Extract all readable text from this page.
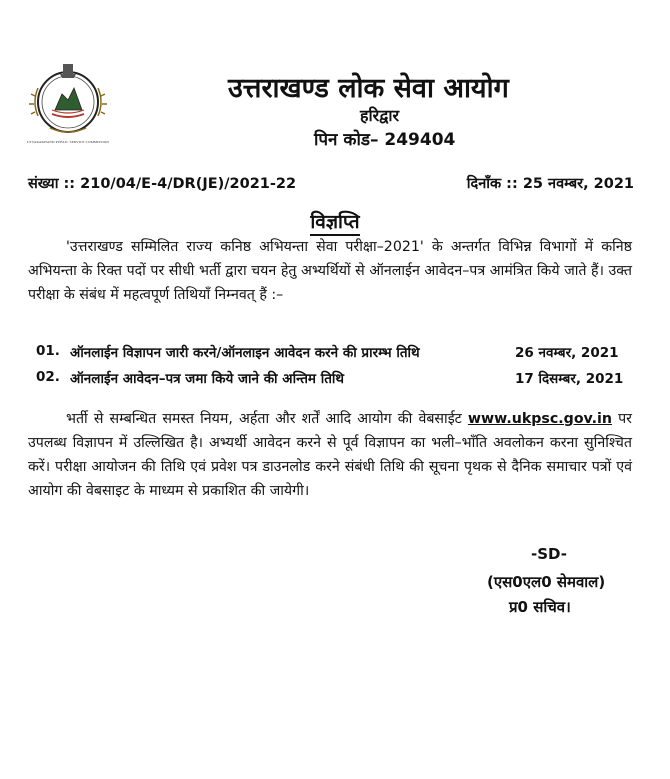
UTTARAKHAND PUBLIC SERVICE COMMISSION
उत्तराखण्ड लोक सेवा आयोग
हरिद्वार
पिन कोड– 249404
संख्या :: 210/04/E-4/DR(JE)/2021-22	दिनाँक :: 25 नवम्बर, 2021
विज्ञप्ति
'उत्तराखण्ड सम्मिलित राज्य कनिष्ठ अभियन्ता सेवा परीक्षा–2021' के अन्तर्गत विभिन्न विभागों में कनिष्ठ अभियन्ता के रिक्त पदों पर सीधी भर्ती द्वारा चयन हेतु अभ्यर्थियों से ऑनलाईन आवेदन–पत्र आमंत्रित किये जाते हैं। उक्त परीक्षा के संबंध में महत्वपूर्ण तिथियाँ निम्नवत् हैं :–
01. ऑनलाईन विज्ञापन जारी करने/ऑनलाइन आवेदन करने की प्रारम्भ तिथि	26 नवम्बर, 2021
02. ऑनलाईन आवेदन–पत्र जमा किये जाने की अन्तिम तिथि	17 दिसम्बर, 2021
भर्ती से सम्बन्धित समस्त नियम, अर्हता और शर्तें आदि आयोग की वेबसाईट www.ukpsc.gov.in पर उपलब्ध विज्ञापन में उल्लिखित है। अभ्यर्थी आवेदन करने से पूर्व विज्ञापन का भली–भाँति अवलोकन करना सुनिश्चित करें। परीक्षा आयोजन की तिथि एवं प्रवेश पत्र डाउनलोड करने संबंधी तिथि की सूचना पृथक से दैनिक समाचार पत्रों एवं आयोग की वेबसाइट के माध्यम से प्रकाशित की जायेगी।
-SD-
(एस0एल0 सेमवाल)
प्र0 सचिव।
